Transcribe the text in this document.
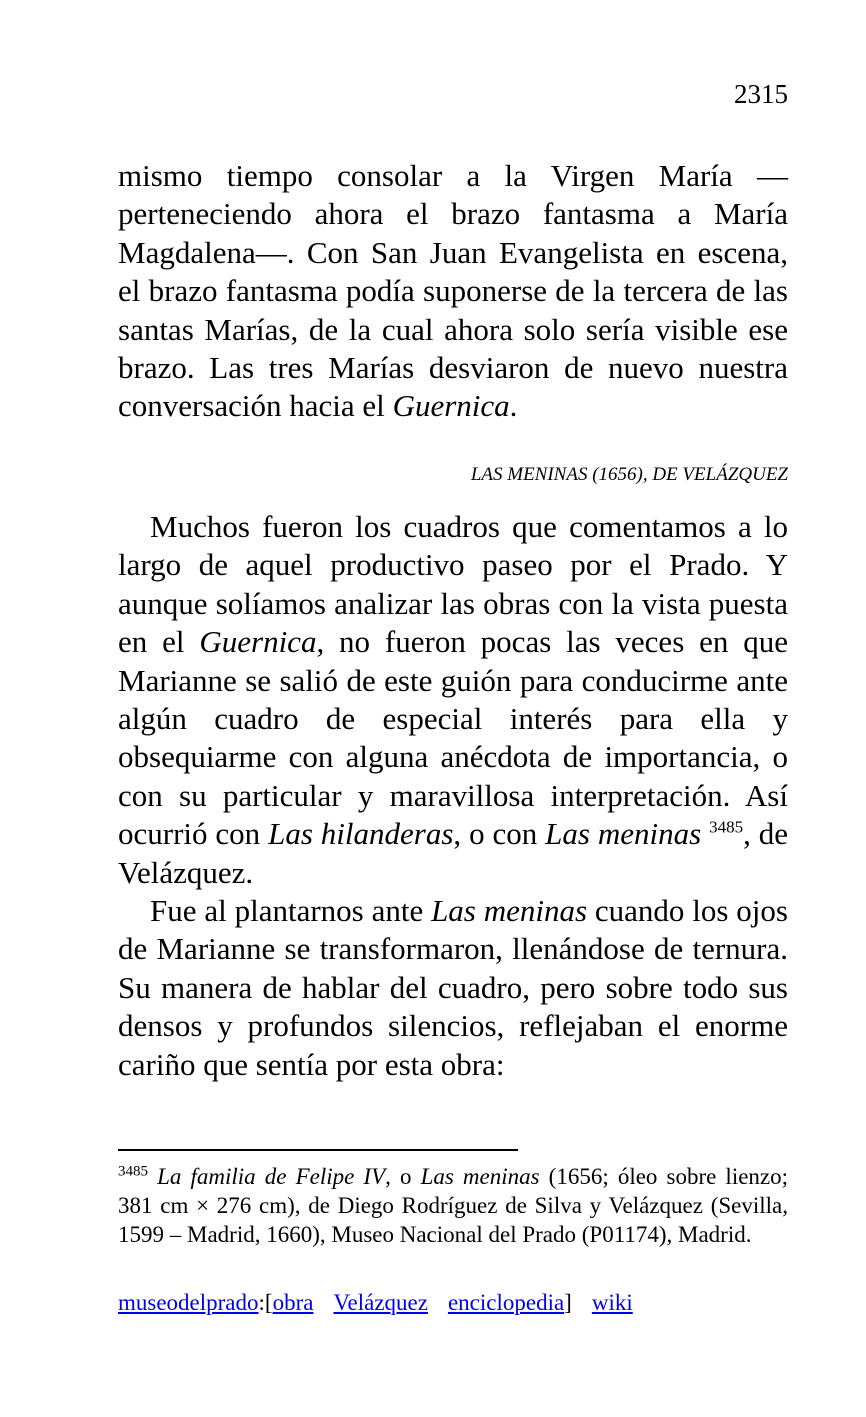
2315

mismo tiempo consolar a la Virgen María —perteneciendo ahora el brazo fantasma a María Magdalena—. Con San Juan Evangelista en escena, el brazo fantasma podía suponerse de la tercera de las santas Marías, de la cual ahora solo sería visible ese brazo. Las tres Marías desviaron de nuevo nuestra conversación hacia el Guernica.

LAS MENINAS (1656), DE VELÁZQUEZ

Muchos fueron los cuadros que comentamos a lo largo de aquel productivo paseo por el Prado. Y aunque solíamos analizar las obras con la vista puesta en el Guernica, no fueron pocas las veces en que Marianne se salió de este guión para conducirme ante algún cuadro de especial interés para ella y obsequiarme con alguna anécdota de importancia, o con su particular y maravillosa interpretación. Así ocurrió con Las hilanderas, o con Las meninas $^{3485}$, de Velázquez.

Fue al plantarnos ante Las meninas cuando los ojos de Marianne se transformaron, llenándose de ternura. Su manera de hablar del cuadro, pero sobre todo sus densos y profundos silencios, reflejaban el enorme cariño que sentía por esta obra:

$^{3485}$ La familia de Felipe IV, o Las meninas (1656; óleo sobre lienzo; 381 cm × 276 cm), de Diego Rodríguez de Silva y Velázquez (Sevilla, 1599 – Madrid, 1660), Museo Nacional del Prado (P01174), Madrid.

museodelprado:[obra Velázquez enciclopedia] wiki
